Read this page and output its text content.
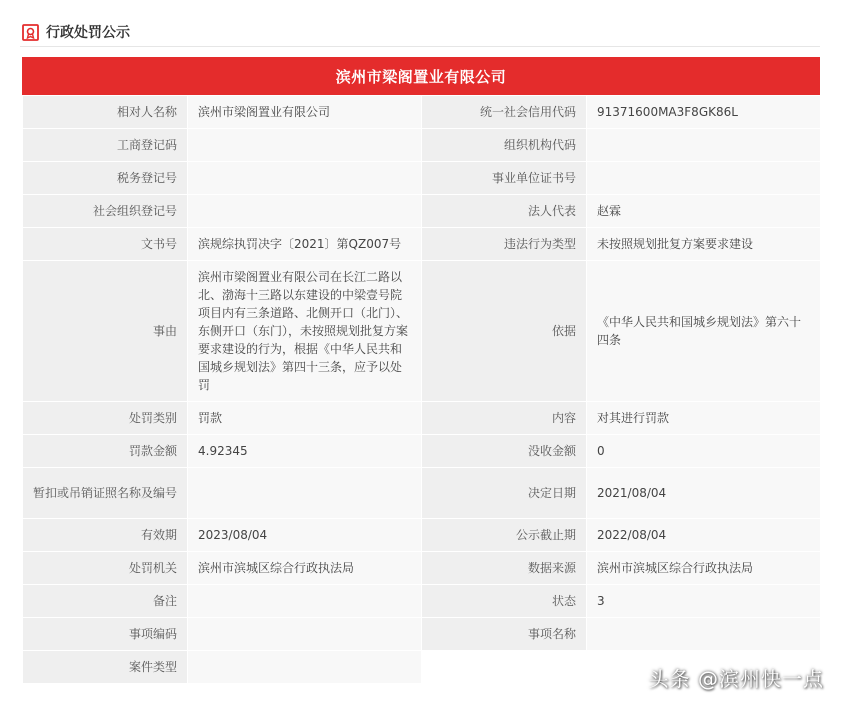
行政处罚公示
滨州市梁阁置业有限公司
相对人名称	滨州市梁阁置业有限公司	统一社会信用代码	91371600MA3F8GK86L
工商登记码		组织机构代码	
税务登记号		事业单位证书号	
社会组织登记号		法人代表	赵霖
文书号	滨规综执罚决字〔2021〕第QZ007号	违法行为类型	未按照规划批复方案要求建设
事由	滨州市梁阁置业有限公司在长江二路以北、渤海十三路以东建设的中梁壹号院项目内有三条道路、北侧开口（北门）、东侧开口（东门），未按照规划批复方案要求建设的行为，根据《中华人民共和国城乡规划法》第四十三条，应予以处罚	依据	《中华人民共和国城乡规划法》第六十四条
处罚类别	罚款	内容	对其进行罚款
罚款金额	4.92345	没收金额	0
暂扣或吊销证照名称及编号		决定日期	2021/08/04
有效期	2023/08/04	公示截止期	2022/08/04
处罚机关	滨州市滨城区综合行政执法局	数据来源	滨州市滨城区综合行政执法局
备注		状态	3
事项编码		事项名称	
案件类型				头条 @滨州快一点
